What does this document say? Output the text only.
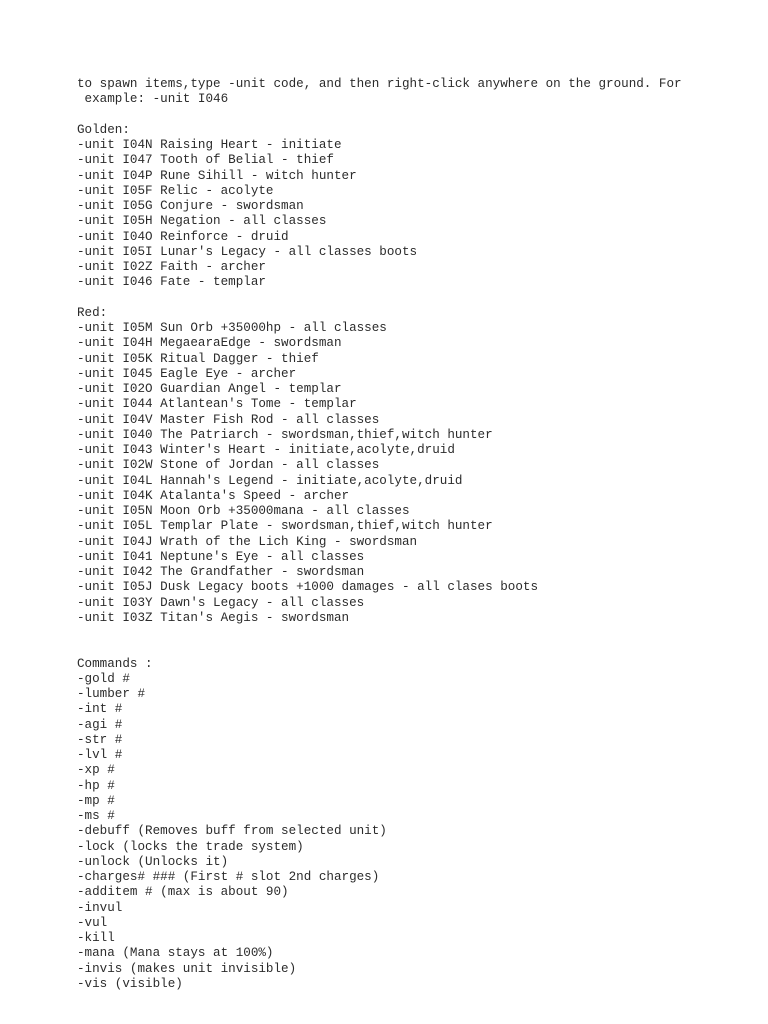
to spawn items,type -unit code, and then right-click anywhere on the ground. For
example: -unit I046
Golden:
-unit I04N Raising Heart - initiate
-unit I047 Tooth of Belial - thief
-unit I04P Rune Sihill - witch hunter
-unit I05F Relic - acolyte
-unit I05G Conjure - swordsman
-unit I05H Negation - all classes
-unit I04O Reinforce - druid
-unit I05I Lunar's Legacy - all classes boots
-unit I02Z Faith - archer
-unit I046 Fate - templar
Red:
-unit I05M Sun Orb +35000hp - all classes
-unit I04H MegaearaEdge - swordsman
-unit I05K Ritual Dagger - thief
-unit I045 Eagle Eye - archer
-unit I02O Guardian Angel - templar
-unit I044 Atlantean's Tome - templar
-unit I04V Master Fish Rod - all classes
-unit I040 The Patriarch - swordsman,thief,witch hunter
-unit I043 Winter's Heart - initiate,acolyte,druid
-unit I02W Stone of Jordan - all classes
-unit I04L Hannah's Legend - initiate,acolyte,druid
-unit I04K Atalanta's Speed - archer
-unit I05N Moon Orb +35000mana - all classes
-unit I05L Templar Plate - swordsman,thief,witch hunter
-unit I04J Wrath of the Lich King - swordsman
-unit I041 Neptune's Eye - all classes
-unit I042 The Grandfather - swordsman
-unit I05J Dusk Legacy boots +1000 damages - all clases boots
-unit I03Y Dawn's Legacy - all classes
-unit I03Z Titan's Aegis - swordsman
Commands :
-gold #
-lumber #
-int #
-agi #
-str #
-lvl #
-xp #
-hp #
-mp #
-ms #
-debuff (Removes buff from selected unit)
-lock (locks the trade system)
-unlock (Unlocks it)
-charges# ### (First # slot 2nd charges)
-additem # (max is about 90)
-invul
-vul
-kill
-mana (Mana stays at 100%)
-invis (makes unit invisible)
-vis (visible)
